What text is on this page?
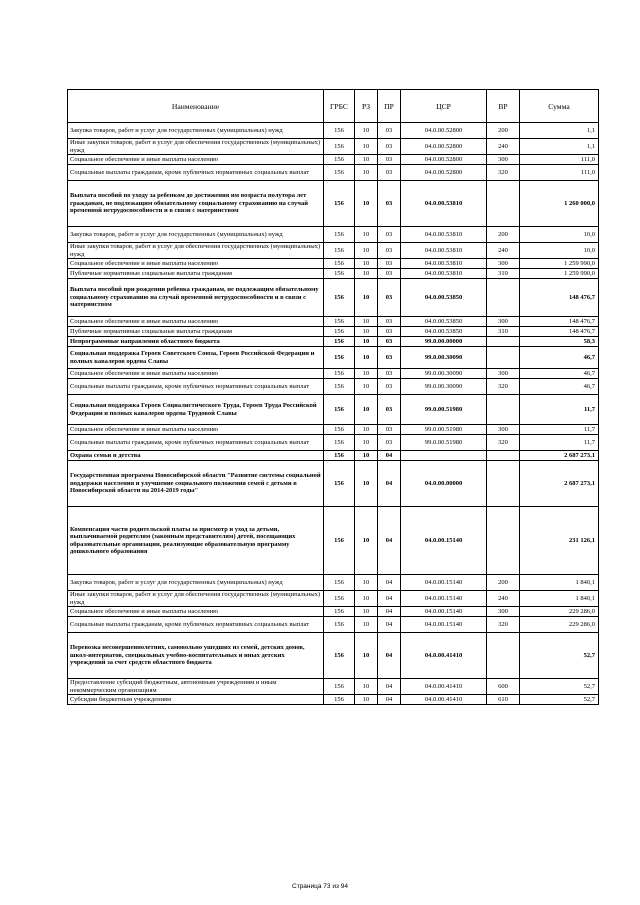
Наименование	ГРБС	РЗ	ПР	ЦСР	ВР	Сумма
Закупка товаров, работ и услуг для государственных (муниципальных) нужд	156	10	03	04.0.00.52800	200	1,1
Иные закупки товаров, работ и услуг для обеспечения государственных (муниципальных) нужд	156	10	03	04.0.00.52800	240	1,1
Социальное обеспечение и иные выплаты населению	156	10	03	04.0.00.52800	300	111,0
Социальные выплаты гражданам, кроме публичных нормативных социальных выплат	156	10	03	04.0.00.52800	320	111,0
Выплата пособий по уходу за ребенком до достижения им возраста полутора лет гражданам, не подлежащим обязательному социальному страхованию на случай временной нетрудоспособности и в связи с материнством	156	10	03	04.0.00.53810		1 260 000,0
Закупка товаров, работ и услуг для государственных (муниципальных) нужд	156	10	03	04.0.00.53810	200	10,0
Иные закупки товаров, работ и услуг для обеспечения государственных (муниципальных) нужд	156	10	03	04.0.00.53810	240	10,0
Социальное обеспечение и иные выплаты населению	156	10	03	04.0.00.53810	300	1 259 990,0
Публичные нормативные социальные выплаты гражданам	156	10	03	04.0.00.53810	310	1 259 990,0
Выплата пособий при рождении ребенка гражданам, не подлежащим обязательному социальному страхованию на случай временной нетрудоспособности и в связи с материнством	156	10	03	04.0.00.53850		148 476,7
Социальное обеспечение и иные выплаты населению	156	10	03	04.0.00.53850	300	148 476,7
Публичные нормативные социальные выплаты гражданам	156	10	03	04.0.00.53850	310	148 476,7
Непрограммные направления областного бюджета	156	10	03	99.0.00.00000		58,3
Социальная поддержка Героев Советского Союза, Героев Российской Федерации и полных кавалеров ордена Славы	156	10	03	99.0.00.30090		46,7
Социальное обеспечение и иные выплаты населению	156	10	03	99.0.00.30090	300	46,7
Социальные выплаты гражданам, кроме публичных нормативных социальных выплат	156	10	03	99.0.00.30090	320	46,7
Социальная поддержка Героев Социалистического Труда, Героев Труда Российской Федерации и полных кавалеров ордена Трудовой Славы	156	10	03	99.0.00.51980		11,7
Социальное обеспечение и иные выплаты населению	156	10	03	99.0.00.51980	300	11,7
Социальные выплаты гражданам, кроме публичных нормативных социальных выплат	156	10	03	99.0.00.51980	320	11,7
Охрана семьи и детства	156	10	04			2 687 273,1
Государственная программа Новосибирской области "Развитие системы социальной поддержки населения и улучшение социального положения семей с детьми в Новосибирской области на 2014-2019 годы"	156	10	04	04.0.00.00000		2 687 273,1
Компенсация части родительской платы за присмотр и уход за детьми, выплачиваемой родителям (законным представителям) детей, посещающих образовательные организации, реализующие образовательную программу дошкольного образования	156	10	04	04.0.00.15140		231 126,1
Закупка товаров, работ и услуг для государственных (муниципальных) нужд	156	10	04	04.0.00.15140	200	1 840,1
Иные закупки товаров, работ и услуг для обеспечения государственных (муниципальных) нужд	156	10	04	04.0.00.15140	240	1 840,1
Социальное обеспечение и иные выплаты населению	156	10	04	04.0.00.15140	300	229 286,0
Социальные выплаты гражданам, кроме публичных нормативных социальных выплат	156	10	04	04.0.00.15140	320	229 286,0
Перевозка несовершеннолетних, самовольно ушедших из семей, детских домов, школ-интернатов, специальных учебно-воспитательных и иных детских учреждений за счет средств областного бюджета	156	10	04	04.0.00.41410		52,7
Предоставление субсидий бюджетным, автономным учреждениям и иным некоммерческим организациям	156	10	04	04.0.00.41410	600	52,7
Субсидии бюджетным учреждениям	156	10	04	04.0.00.41410	610	52,7
Страница 73 из 94
